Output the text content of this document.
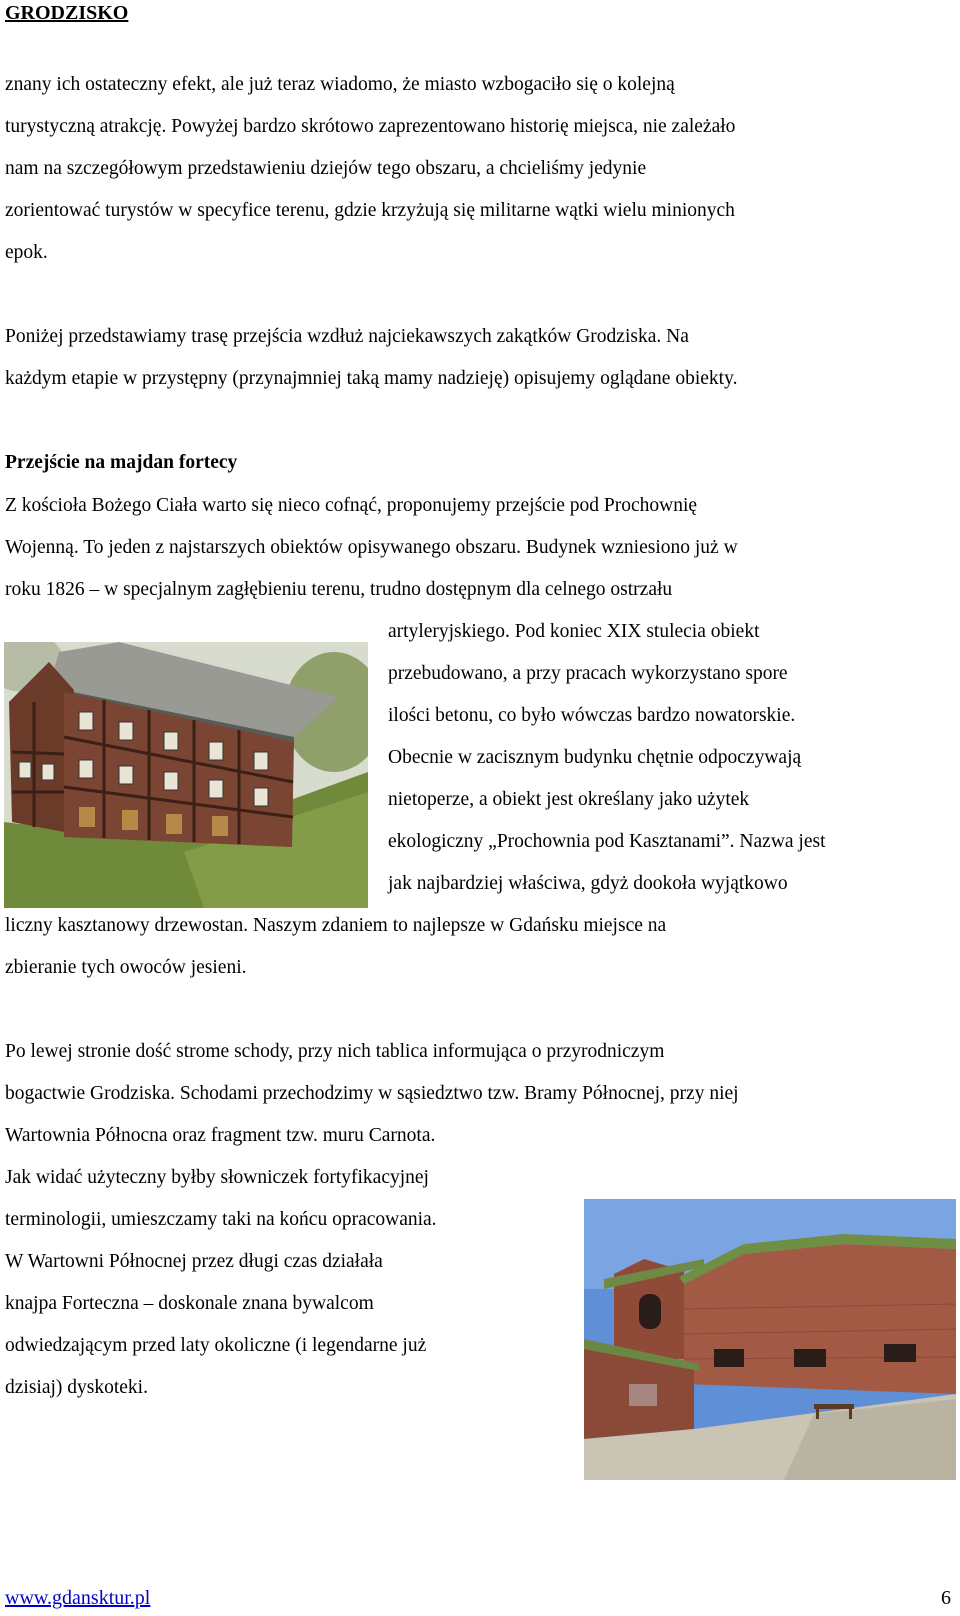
GRODZISKO
znany ich ostateczny efekt, ale już teraz wiadomo, że miasto wzbogaciło się o kolejną
turystyczną atrakcję. Powyżej bardzo skrótowo zaprezentowano historię miejsca, nie zależało
nam na szczegółowym przedstawieniu dziejów tego obszaru, a chcieliśmy jedynie
zorientować turystów w specyfice terenu, gdzie krzyżują się militarne wątki wielu minionych
epok.
Poniżej przedstawiamy trasę przejścia wzdłuż najciekawszych zakątków Grodziska. Na
każdym etapie w przystępny (przynajmniej taką mamy nadzieję) opisujemy oglądane obiekty.
Przejście na majdan fortecy
Z kościoła Bożego Ciała warto się nieco cofnąć, proponujemy przejście pod Prochownię
Wojenną. To jeden z najstarszych obiektów opisywanego obszaru. Budynek wzniesiono już w
roku 1826 – w specjalnym zagłębieniu terenu, trudno dostępnym dla celnego ostrzału
artyleryjskiego. Pod koniec XIX stulecia obiekt
przebudowano, a przy pracach wykorzystano spore
ilości betonu, co było wówczas bardzo nowatorskie.
Obecnie w zacisznym budynku chętnie odpoczywają
nietoperze, a obiekt jest określany jako użytek
ekologiczny „Prochownia pod Kasztanami”. Nazwa jest
jak najbardziej właściwa, gdyż dookoła wyjątkowo
liczny kasztanowy drzewostan. Naszym zdaniem to najlepsze w Gdańsku miejsce na
zbieranie tych owoców jesieni.
Po lewej stronie dość strome schody, przy nich tablica informująca o przyrodniczym
bogactwie Grodziska. Schodami przechodzimy w sąsiedztwo tzw. Bramy Północnej, przy niej
Wartownia Północna oraz fragment tzw. muru Carnota.
Jak widać użyteczny byłby słowniczek fortyfikacyjnej
terminologii, umieszczamy taki na końcu opracowania.
W Wartowni Północnej przez długi czas działała
knajpa Forteczna – doskonale znana bywalcom
odwiedzającym przed laty okoliczne (i legendarne już
dzisiaj) dyskoteki.
www.gdansktur.pl	6
